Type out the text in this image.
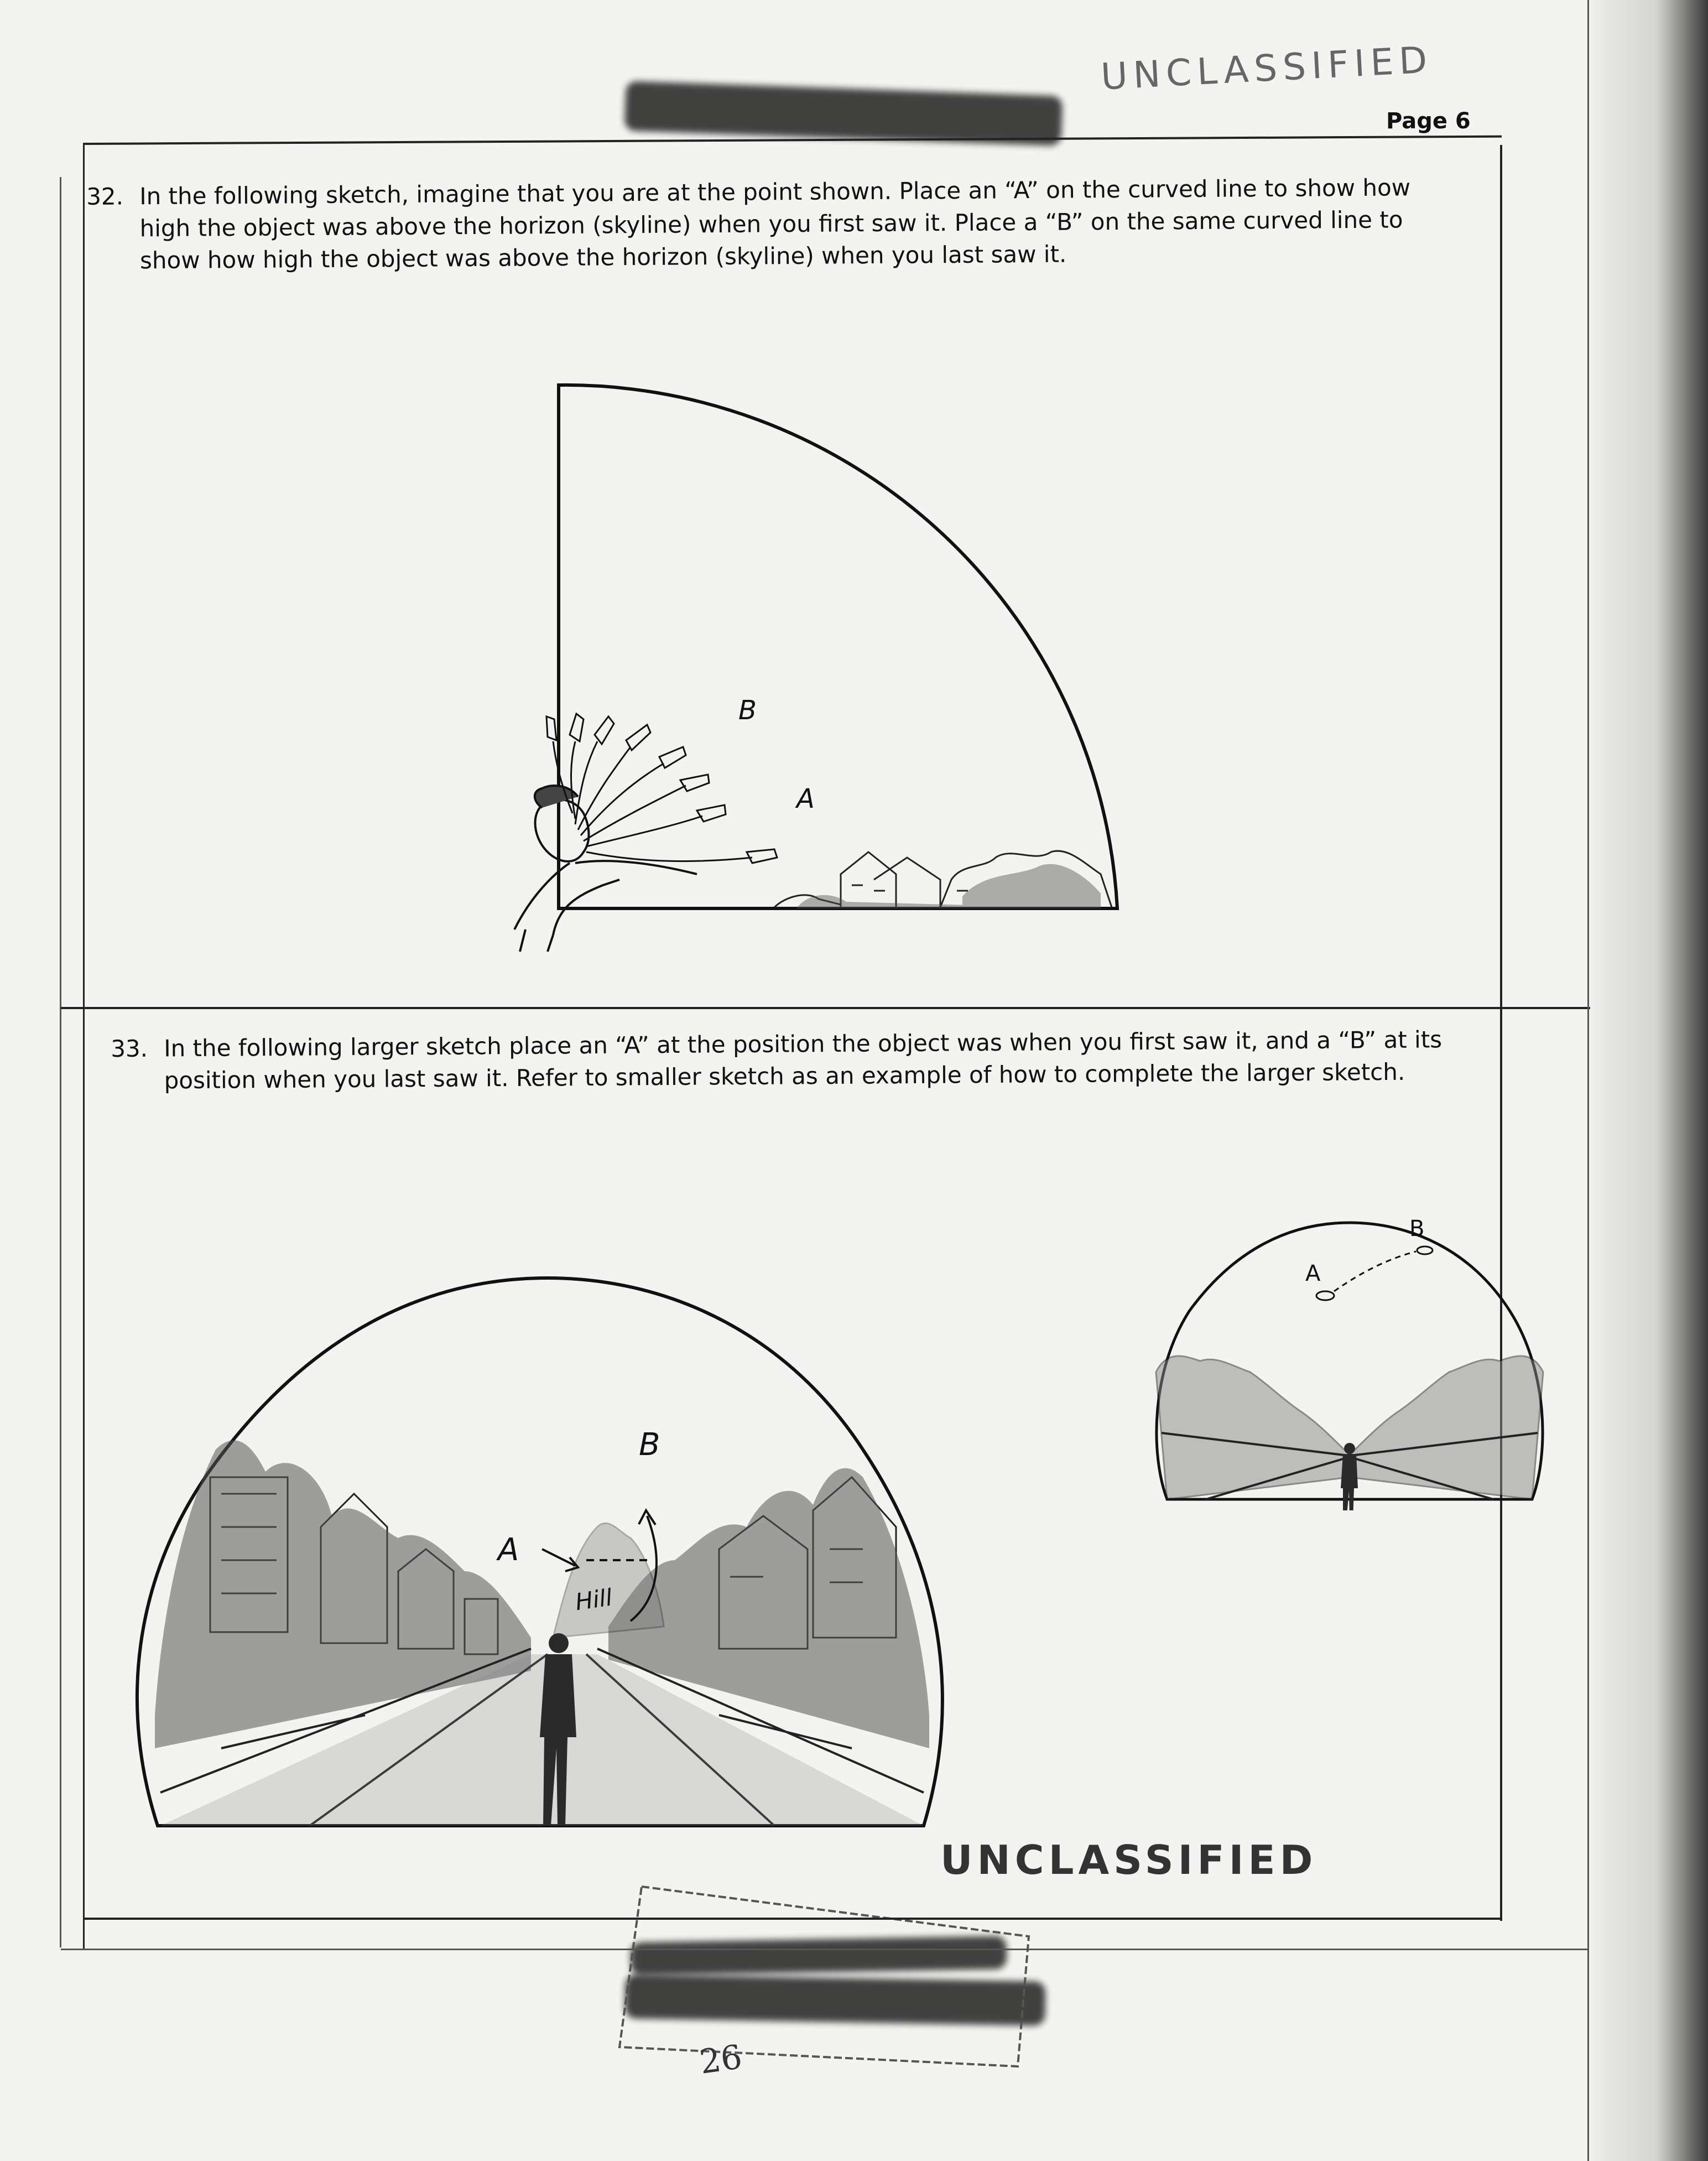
UNCLASSIFIED
Page 6
32. In the following sketch, imagine that you are at the point shown. Place an “A” on the curved line to show how
high the object was above the horizon (skyline) when you first saw it. Place a “B” on the same curved line to
show how high the object was above the horizon (skyline) when you last saw it.
B
A
33. In the following larger sketch place an “A” at the position the object was when you first saw it, and a “B” at its
position when you last saw it. Refer to smaller sketch as an example of how to complete the larger sketch.
A
B
Hill
A
B
UNCLASSIFIED
26
